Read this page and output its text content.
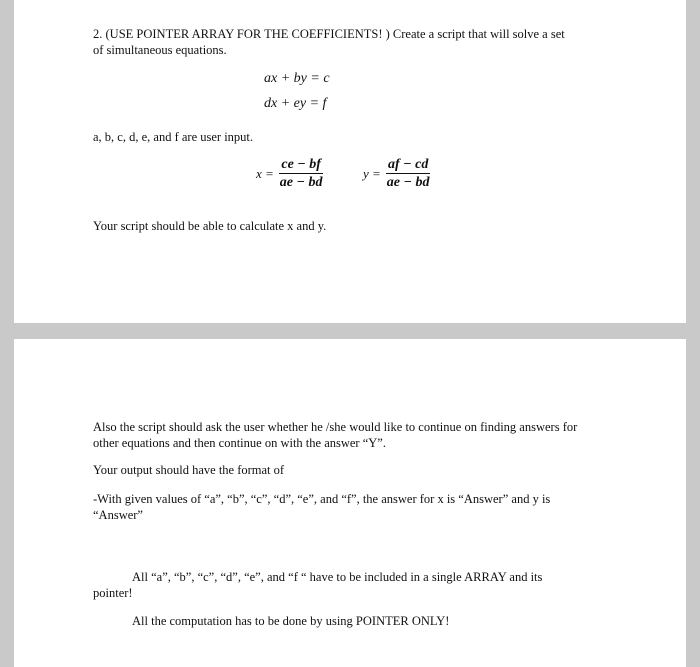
2. (USE POINTER ARRAY FOR THE COEFFICIENTS! ) Create a script that will solve a set
of simultaneous equations.
ax + by = c
dx + ey = f
a, b, c, d, e, and f are user input.
$x = \frac{ce - bf}{ae - bd}$	$y = \frac{af - cd}{ae - bd}$
Your script should be able to calculate x and y.
Also the script should ask the user whether he /she would like to continue on finding answers for
other equations and then continue on with the answer “Y”.
Your output should have the format of
-With given values of “a”, “b”, “c”, “d”, “e”, and “f”, the answer for x is “Answer” and y is
“Answer”
All “a”, “b”, “c”, “d”, “e”, and “f “ have to be included in a single ARRAY and its
pointer!
All the computation has to be done by using POINTER ONLY!
